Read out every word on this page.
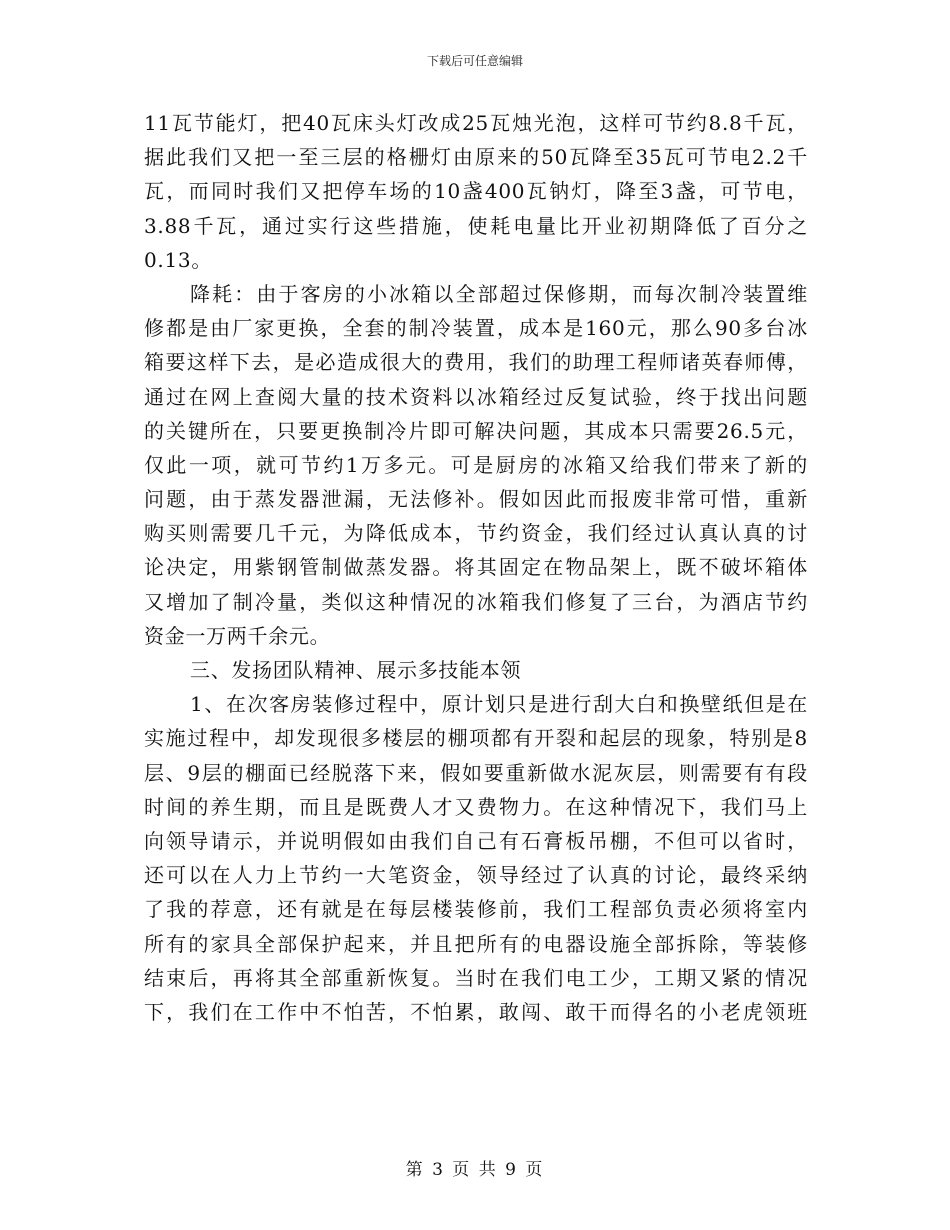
下载后可任意编辑
11瓦节能灯，把40瓦床头灯改成25瓦烛光泡，这样可节约8.8千瓦，
据此我们又把一至三层的格栅灯由原来的50瓦降至35瓦可节电2.2千
瓦，而同时我们又把停车场的10盏400瓦钠灯，降至3盏，可节电，
3.88千瓦，通过实行这些措施，使耗电量比开业初期降低了百分之
0.13。
降耗：由于客房的小冰箱以全部超过保修期，而每次制冷装置维
修都是由厂家更换，全套的制冷装置，成本是160元，那么90多台冰
箱要这样下去，是必造成很大的费用，我们的助理工程师诸英春师傅，
通过在网上查阅大量的技术资料以冰箱经过反复试验，终于找出问题
的关键所在，只要更换制冷片即可解决问题，其成本只需要26.5元，
仅此一项，就可节约1万多元。可是厨房的冰箱又给我们带来了新的
问题，由于蒸发器泄漏，无法修补。假如因此而报废非常可惜，重新
购买则需要几千元，为降低成本，节约资金，我们经过认真认真的讨
论决定，用紫钢管制做蒸发器。将其固定在物品架上，既不破坏箱体
又增加了制冷量，类似这种情况的冰箱我们修复了三台，为酒店节约
资金一万两千余元。
三、发扬团队精神、展示多技能本领
1、在次客房装修过程中，原计划只是进行刮大白和换壁纸但是在
实施过程中，却发现很多楼层的棚项都有开裂和起层的现象，特别是8
层、9层的棚面已经脱落下来，假如要重新做水泥灰层，则需要有有段
时间的养生期，而且是既费人才又费物力。在这种情况下，我们马上
向领导请示，并说明假如由我们自己有石膏板吊棚，不但可以省时，
还可以在人力上节约一大笔资金，领导经过了认真的讨论，最终采纳
了我的荐意，还有就是在每层楼装修前，我们工程部负责必须将室内
所有的家具全部保护起来，并且把所有的电器设施全部拆除，等装修
结束后，再将其全部重新恢复。当时在我们电工少，工期又紧的情况
下，我们在工作中不怕苦，不怕累，敢闯、敢干而得名的小老虎领班
第 3 页 共 9 页
